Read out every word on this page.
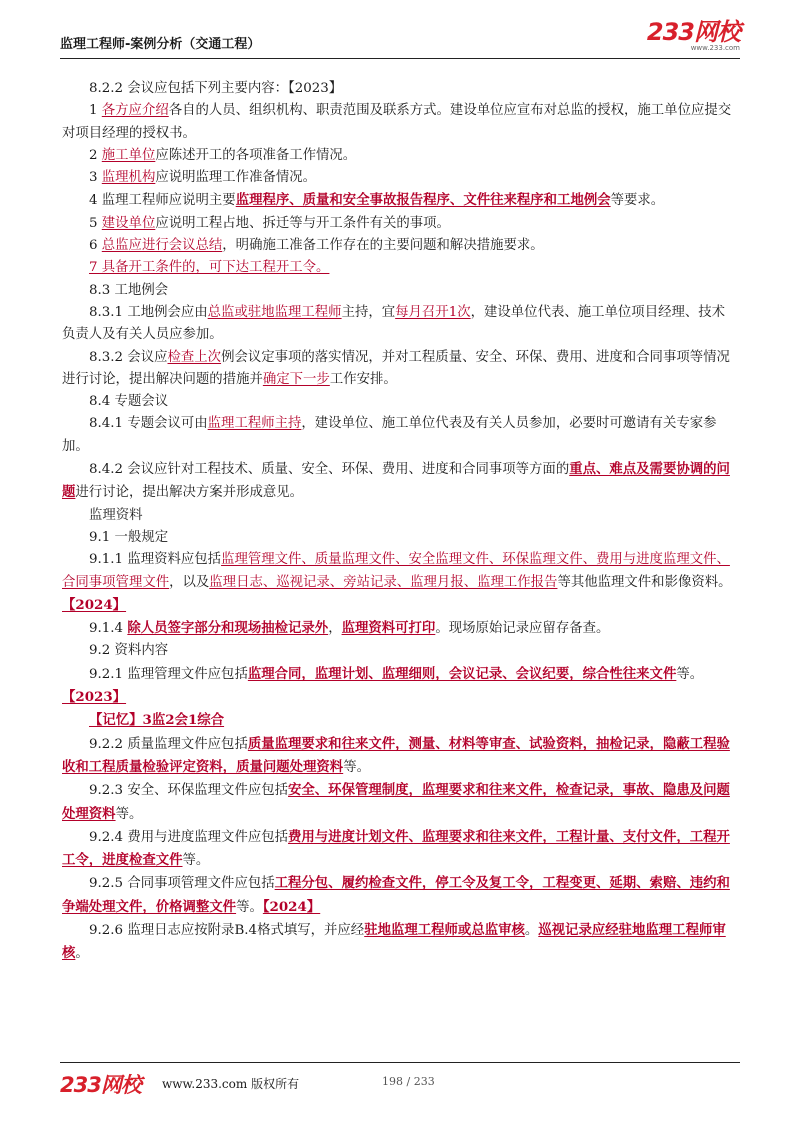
监理工程师-案例分析（交通工程）	233网校
www.233.com

8.2.2 会议应包括下列主要内容：【2023】

1 各方应介绍各自的人员、组织机构、职责范围及联系方式。建设单位应宣布对总监的授权，施工单位应提交对项目经理的授权书。

2 施工单位应陈述开工的各项准备工作情况。

3 监理机构应说明监理工作准备情况。

4 监理工程师应说明主要监理程序、质量和安全事故报告程序、文件往来程序和工地例会等要求。

5 建设单位应说明工程占地、拆迁等与开工条件有关的事项。

6 总监应进行会议总结，明确施工准备工作存在的主要问题和解决措施要求。

7 具备开工条件的，可下达工程开工令。

8.3 工地例会

8.3.1 工地例会应由总监或驻地监理工程师主持，宜每月召开1次，建设单位代表、施工单位项目经理、技术负责人及有关人员应参加。

8.3.2 会议应检查上次例会议定事项的落实情况，并对工程质量、安全、环保、费用、进度和合同事项等情况进行讨论，提出解决问题的措施并确定下一步工作安排。

8.4 专题会议

8.4.1 专题会议可由监理工程师主持，建设单位、施工单位代表及有关人员参加，必要时可邀请有关专家参加。

8.4.2 会议应针对工程技术、质量、安全、环保、费用、进度和合同事项等方面的重点、难点及需要协调的问题进行讨论，提出解决方案并形成意见。

监理资料

9.1 一般规定

9.1.1 监理资料应包括监理管理文件、质量监理文件、安全监理文件、环保监理文件、费用与进度监理文件、合同事项管理文件，以及监理日志、巡视记录、旁站记录、监理月报、监理工作报告等其他监理文件和影像资料。【2024】

9.1.4 除人员签字部分和现场抽检记录外，监理资料可打印。现场原始记录应留存备查。

9.2 资料内容

9.2.1 监理管理文件应包括监理合同，监理计划、监理细则，会议记录、会议纪要，综合性往来文件等。【2023】

【记忆】3监2会1综合

9.2.2 质量监理文件应包括质量监理要求和往来文件，测量、材料等审查、试验资料，抽检记录，隐蔽工程验收和工程质量检验评定资料，质量问题处理资料等。

9.2.3 安全、环保监理文件应包括安全、环保管理制度，监理要求和往来文件，检查记录，事故、隐患及问题处理资料等。

9.2.4 费用与进度监理文件应包括费用与进度计划文件、监理要求和往来文件，工程计量、支付文件，工程开工令，进度检查文件等。

9.2.5 合同事项管理文件应包括工程分包、履约检查文件，停工令及复工令，工程变更、延期、索赔、违约和争端处理文件，价格调整文件等。【2024】

9.2.6 监理日志应按附录B.4格式填写，并应经驻地监理工程师或总监审核。巡视记录应经驻地监理工程师审核。

233网校 www.233.com 版权所有	198 / 233
